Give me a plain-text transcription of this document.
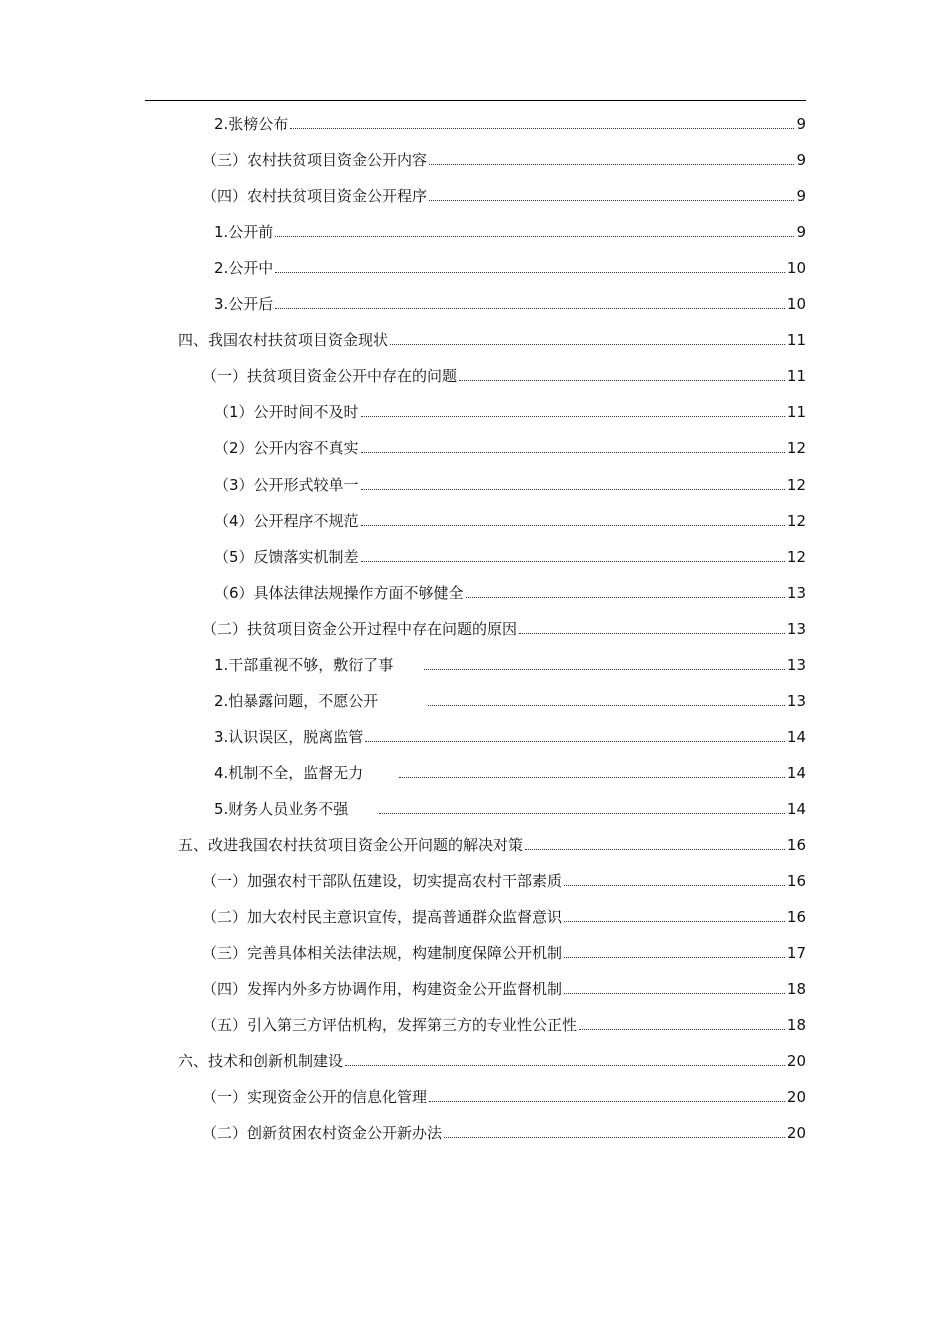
2.张榜公布	9
（三）农村扶贫项目资金公开内容	9
（四）农村扶贫项目资金公开程序	9
1.公开前	9
2.公开中	10
3.公开后	10
四、我国农村扶贫项目资金现状	11
（一）扶贫项目资金公开中存在的问题	11
（1）公开时间不及时	11
（2）公开内容不真实	12
（3）公开形式较单一	12
（4）公开程序不规范	12
（5）反馈落实机制差	12
（6）具体法律法规操作方面不够健全	13
（二）扶贫项目资金公开过程中存在问题的原因	13
1.干部重视不够，敷衍了事	13
2.怕暴露问题，不愿公开	13
3.认识误区，脱离监管	14
4.机制不全，监督无力	14
5.财务人员业务不强	14
五、改进我国农村扶贫项目资金公开问题的解决对策	16
（一）加强农村干部队伍建设，切实提高农村干部素质	16
（二）加大农村民主意识宣传，提高普通群众监督意识	16
（三）完善具体相关法律法规，构建制度保障公开机制	17
（四）发挥内外多方协调作用，构建资金公开监督机制	18
（五）引入第三方评估机构，发挥第三方的专业性公正性	18
六、技术和创新机制建设	20
（一）实现资金公开的信息化管理	20
（二）创新贫困农村资金公开新办法	20
